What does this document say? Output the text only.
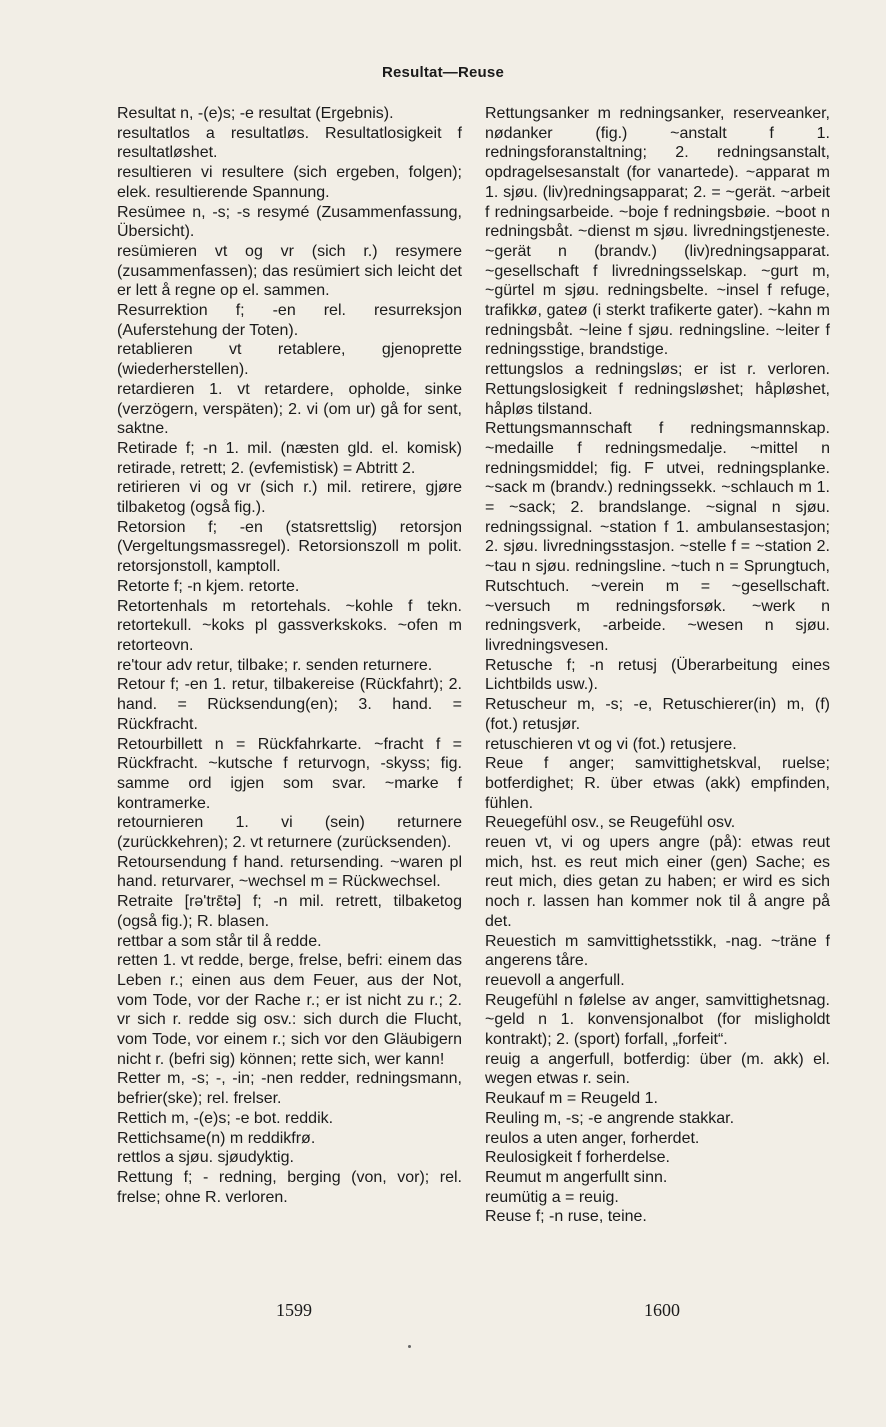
Resultat—Reuse

Resultat n, -(e)s; -e resultat (Ergebnis).

resultatlos a resultatløs. Resultatlosigkeit f resultatløshet.

resultieren vi resultere (sich ergeben, folgen); elek. resultierende Spannung.

Resümee n, -s; -s resymé (Zusammenfassung, Übersicht).

resümieren vt og vr (sich r.) resymere (zusammenfassen); das resümiert sich leicht det er lett å regne op el. sammen.

Resurrektion f; -en rel. resurreksjon (Auferstehung der Toten).

retablieren vt retablere, gjenoprette (wiederherstellen).

retardieren 1. vt retardere, opholde, sinke (verzögern, verspäten); 2. vi (om ur) gå for sent, saktne.

Retirade f; -n 1. mil. (næsten gld. el. komisk) retirade, retrett; 2. (evfemistisk) = Abtritt 2.

retirieren vi og vr (sich r.) mil. retirere, gjøre tilbaketog (også fig.).

Retorsion f; -en (statsrettslig) retorsjon (Vergeltungsmassregel). Retorsionszoll m polit. retorsjonstoll, kamptoll.

Retorte f; -n kjem. retorte.

Retortenhals m retortehals. ~kohle f tekn. retortekull. ~koks pl gassverkskoks. ~ofen m retorteovn.

re'tour adv retur, tilbake; r. senden returnere.

Retour f; -en 1. retur, tilbakereise (Rückfahrt); 2. hand. = Rücksendung(en); 3. hand. = Rückfracht.

Retourbillett n = Rückfahrkarte. ~fracht f = Rückfracht. ~kutsche f returvogn, -skyss; fig. samme ord igjen som svar. ~marke f kontramerke.

retournieren 1. vi (sein) returnere (zurückkehren); 2. vt returnere (zurücksenden).

Retoursendung f hand. retursending. ~waren pl hand. returvarer, ~wechsel m = Rückwechsel.

Retraite [rə'trɛ̄tə] f; -n mil. retrett, tilbaketog (også fig.); R. blasen.

rettbar a som står til å redde.

retten 1. vt redde, berge, frelse, befri: einem das Leben r.; einen aus dem Feuer, aus der Not, vom Tode, vor der Rache r.; er ist nicht zu r.; 2. vr sich r. redde sig osv.: sich durch die Flucht, vom Tode, vor einem r.; sich vor den Gläubigern nicht r. (befri sig) können; rette sich, wer kann!

Retter m, -s; -, -in; -nen redder, redningsmann, befrier(ske); rel. frelser.

Rettich m, -(e)s; -e bot. reddik.

Rettichsame(n) m reddikfrø.

rettlos a sjøu. sjøudyktig.

Rettung f; - redning, berging (von, vor); rel. frelse; ohne R. verloren.

Rettungsanker m redningsanker, reserveanker, nødanker (fig.) ~anstalt f 1. redningsforanstaltning; 2. redningsanstalt, opdragelsesanstalt (for vanartede). ~apparat m 1. sjøu. (liv)redningsapparat; 2. = ~gerät. ~arbeit f redningsarbeide. ~boje f redningsbøie. ~boot n redningsbåt. ~dienst m sjøu. livredningstjeneste. ~gerät n (brandv.) (liv)redningsapparat. ~gesellschaft f livredningsselskap. ~gurt m, ~gürtel m sjøu. redningsbelte. ~insel f refuge, trafikkø, gateø (i sterkt trafikerte gater). ~kahn m redningsbåt. ~leine f sjøu. redningsline. ~leiter f redningsstige, brandstige.

rettungslos a redningsløs; er ist r. verloren. Rettungslosigkeit f redningsløshet; håpløshet, håpløs tilstand.

Rettungsmannschaft f redningsmannskap. ~medaille f redningsmedalje. ~mittel n redningsmiddel; fig. F utvei, redningsplanke. ~sack m (brandv.) redningssekk. ~schlauch m 1. = ~sack; 2. brandslange. ~signal n sjøu. redningssignal. ~station f 1. ambulansestasjon; 2. sjøu. livredningsstasjon. ~stelle f = ~station 2. ~tau n sjøu. redningsline. ~tuch n = Sprungtuch, Rutschtuch. ~verein m = ~gesellschaft. ~versuch m redningsforsøk. ~werk n redningsverk, -arbeide. ~wesen n sjøu. livredningsvesen.

Retusche f; -n retusj (Überarbeitung eines Lichtbilds usw.).

Retuscheur m, -s; -e, Retuschierer(in) m, (f) (fot.) retusjør.

retuschieren vt og vi (fot.) retusjere.

Reue f anger; samvittighetskval, ruelse; botferdighet; R. über etwas (akk) empfinden, fühlen.

Reuegefühl osv., se Reugefühl osv.

reuen vt, vi og upers angre (på): etwas reut mich, hst. es reut mich einer (gen) Sache; es reut mich, dies getan zu haben; er wird es sich noch r. lassen han kommer nok til å angre på det.

Reuestich m samvittighetsstikk, -nag. ~träne f angerens tåre.

reuevoll a angerfull.

Reugefühl n følelse av anger, samvittighetsnag. ~geld n 1. konvensjonalbot (for misligholdt kontrakt); 2. (sport) forfall, „forfeit“.

reuig a angerfull, botferdig: über (m. akk) el. wegen etwas r. sein.

Reukauf m = Reugeld 1.

Reuling m, -s; -e angrende stakkar.

reulos a uten anger, forherdet.

Reulosigkeit f forherdelse.

Reumut m angerfullt sinn.

reumütig a = reuig.

Reuse f; -n ruse, teine.

1599	1600
